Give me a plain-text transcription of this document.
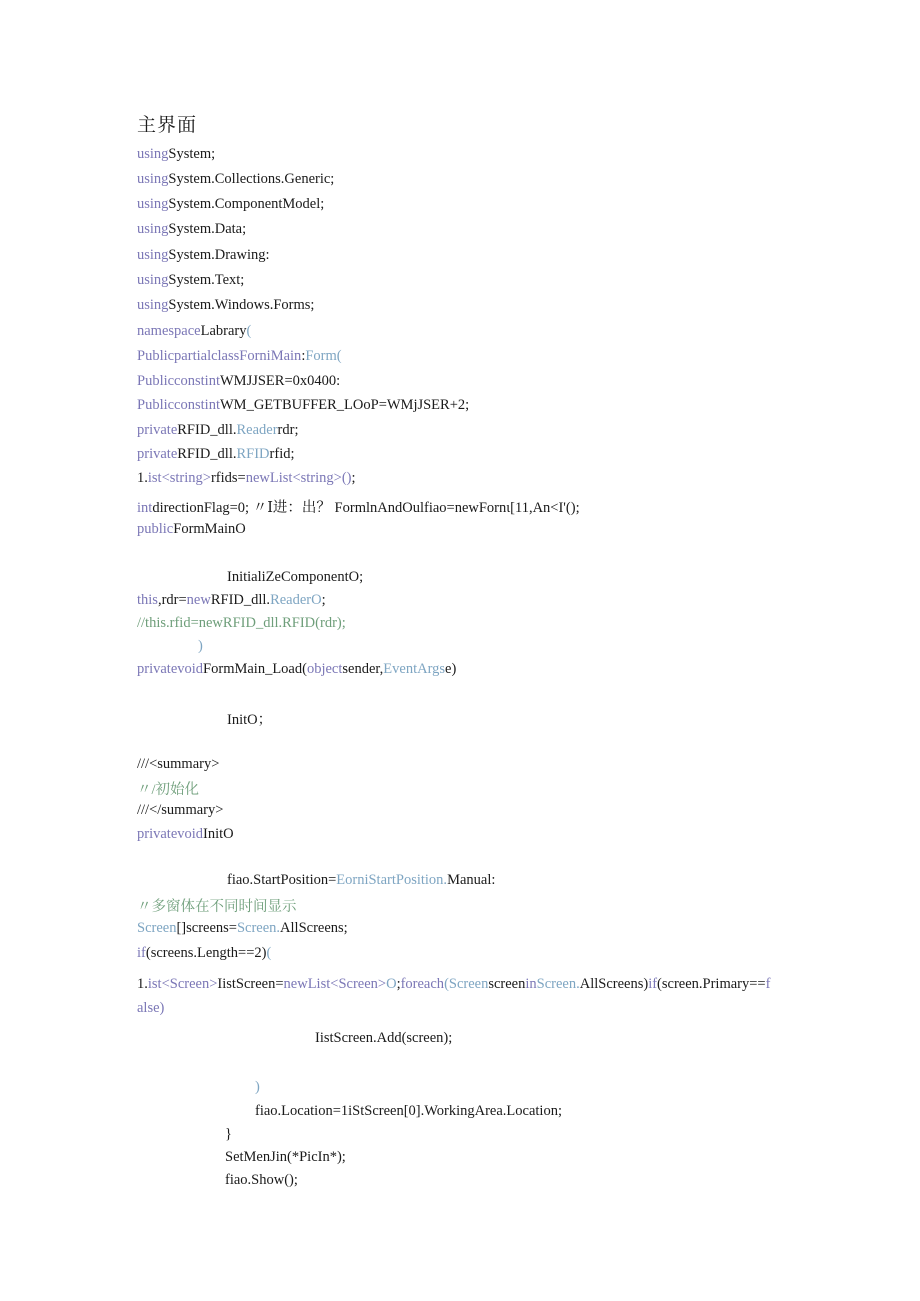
主界面
usingSystem;
usingSystem.Collections.Generic;
usingSystem.ComponentModel;
usingSystem.Data;
usingSystem.Drawing:
usingSystem.Text;
usingSystem.Windows.Forms;
namespaceLabrary(
PublicpartialclassForniMain:Form(
PublicconstintWMJJSER=0x0400:
PublicconstintWM_GETBUFFER_LOoP=WMjJSER+2;
privateRFID_dll.Readerrdr;
privateRFID_dll.RFIDrfid;
1.ist<string>rfids=newList<string>();
intdirectionFlag=0; 〃Ⅰ进：出？ FormlnAndOulfiao=newFornι[11,An<Ι'();
publicFormMainO
InitialiZeComponentO;
this,rdr=newRFID_dll.ReaderO;
//this.rfid=newRFID_dll.RFID(rdr);
)
privatevoidFormMain_Load(objectsender,EventArgse)
InitO；
///<summary>
〃/初始化
///</summary>
privatevoidInitO
fiao.StartPosition=EorniStartPosition.Manual:
〃多窗体在不同时间显示
Screen[]screens=Screen.AllScreens;
if(screens.Length==2)(
1.ist<Screen>IistScreen=newList<Screen>O;foreach(ScreenscreeninScreen.AllScreens)if(screen.Primary==f
alse)
IistScreen.Add(screen);
)
fiao.Location=1iStScreen[0].WorkingArea.Location;
}
SetMenJin(*PicIn*);
fiao.Show();
